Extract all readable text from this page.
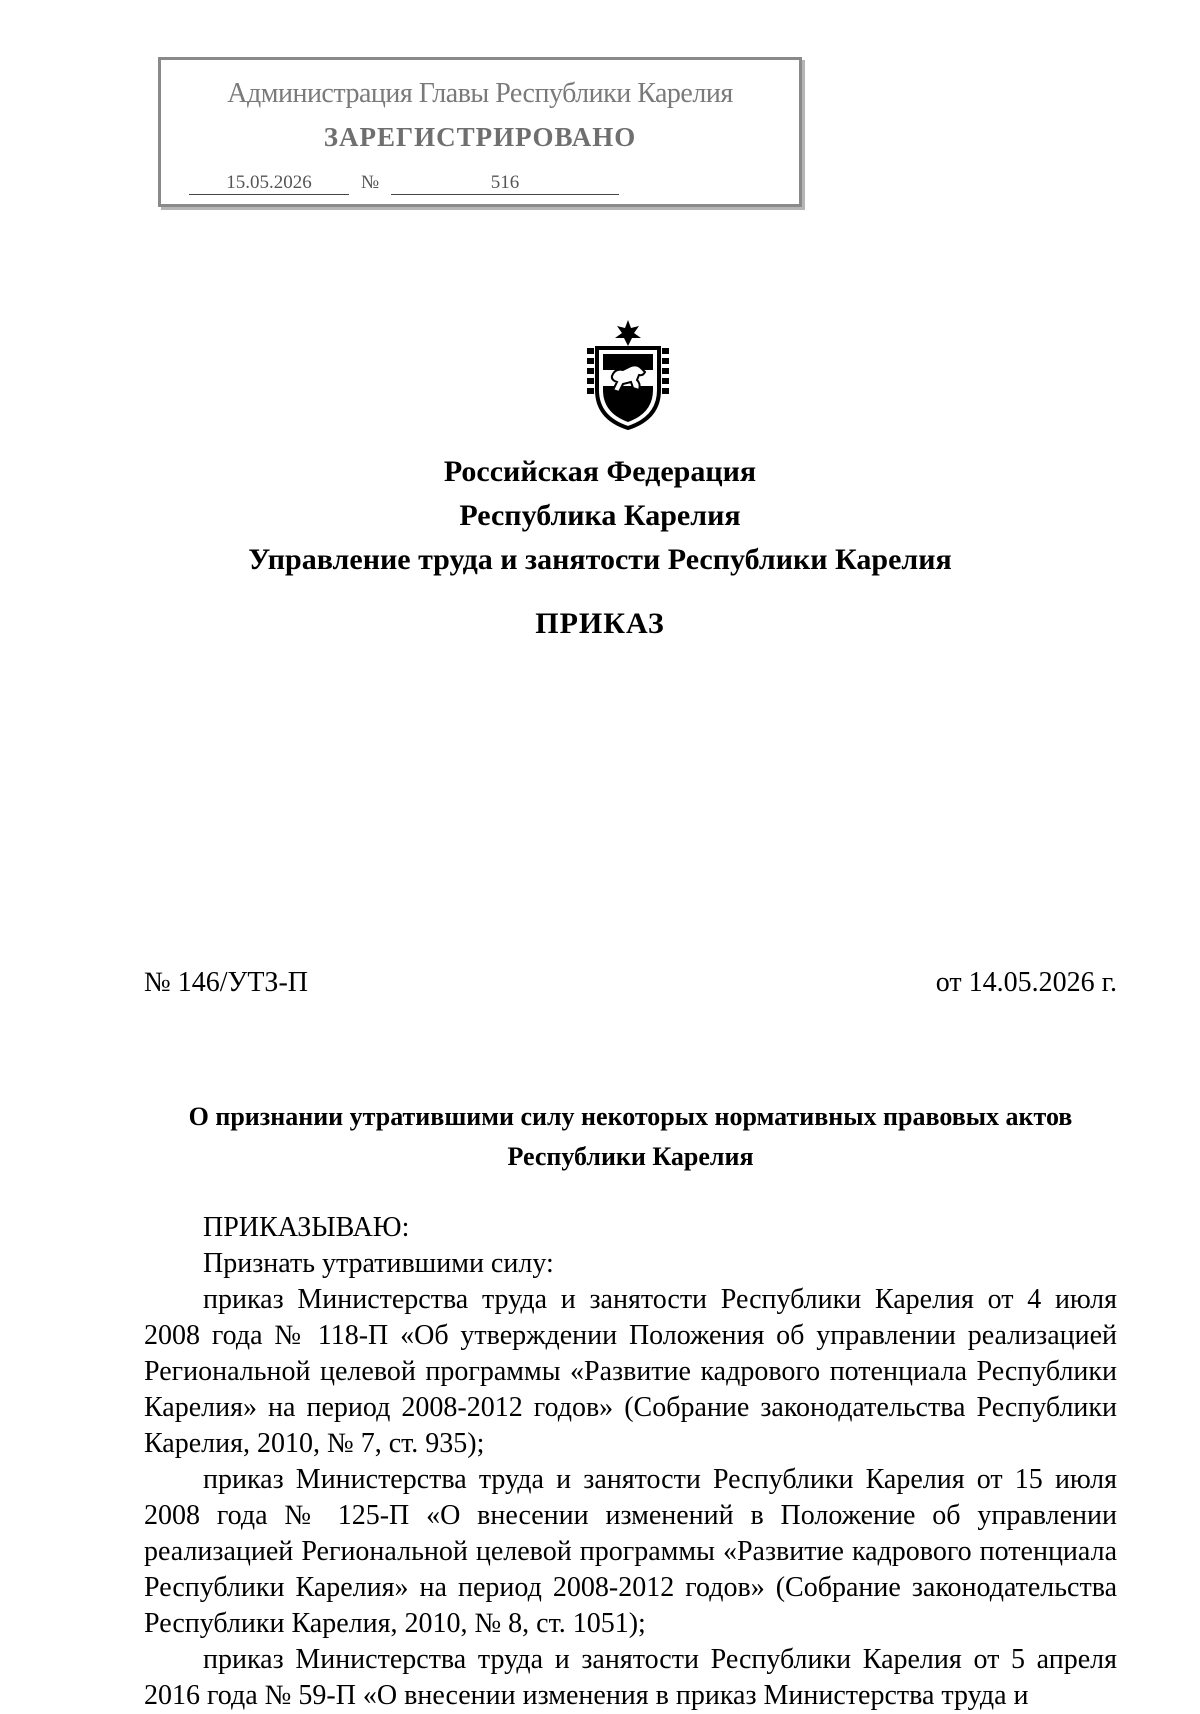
Администрация Главы Республики Карелия
ЗАРЕГИСТРИРОВАНО
15.05.2026	№	516
Российская Федерация
Республика Карелия
Управление труда и занятости Республики Карелия
ПРИКАЗ
№ 146/УТЗ-П	от 14.05.2026 г.
О признании утратившими силу некоторых нормативных правовых актов
Республики Карелия

ПРИКАЗЫВАЮ:

Признать утратившими силу:

приказ Министерства труда и занятости Республики Карелия от 4 июля 2008 года № 118-П «Об утверждении Положения об управлении реализацией Региональной целевой программы «Развитие кадрового потенциала Республики Карелия» на период 2008-2012 годов» (Собрание законодательства Республики Карелия, 2010, № 7, ст. 935);

приказ Министерства труда и занятости Республики Карелия от 15 июля 2008 года № 125-П «О внесении изменений в Положение об управлении реализацией Региональной целевой программы «Развитие кадрового потенциала Республики Карелия» на период 2008-2012 годов» (Собрание законодательства Республики Карелия, 2010, № 8, ст. 1051);

приказ Министерства труда и занятости Республики Карелия от 5 апреля 2016 года № 59-П «О внесении изменения в приказ Министерства труда и
